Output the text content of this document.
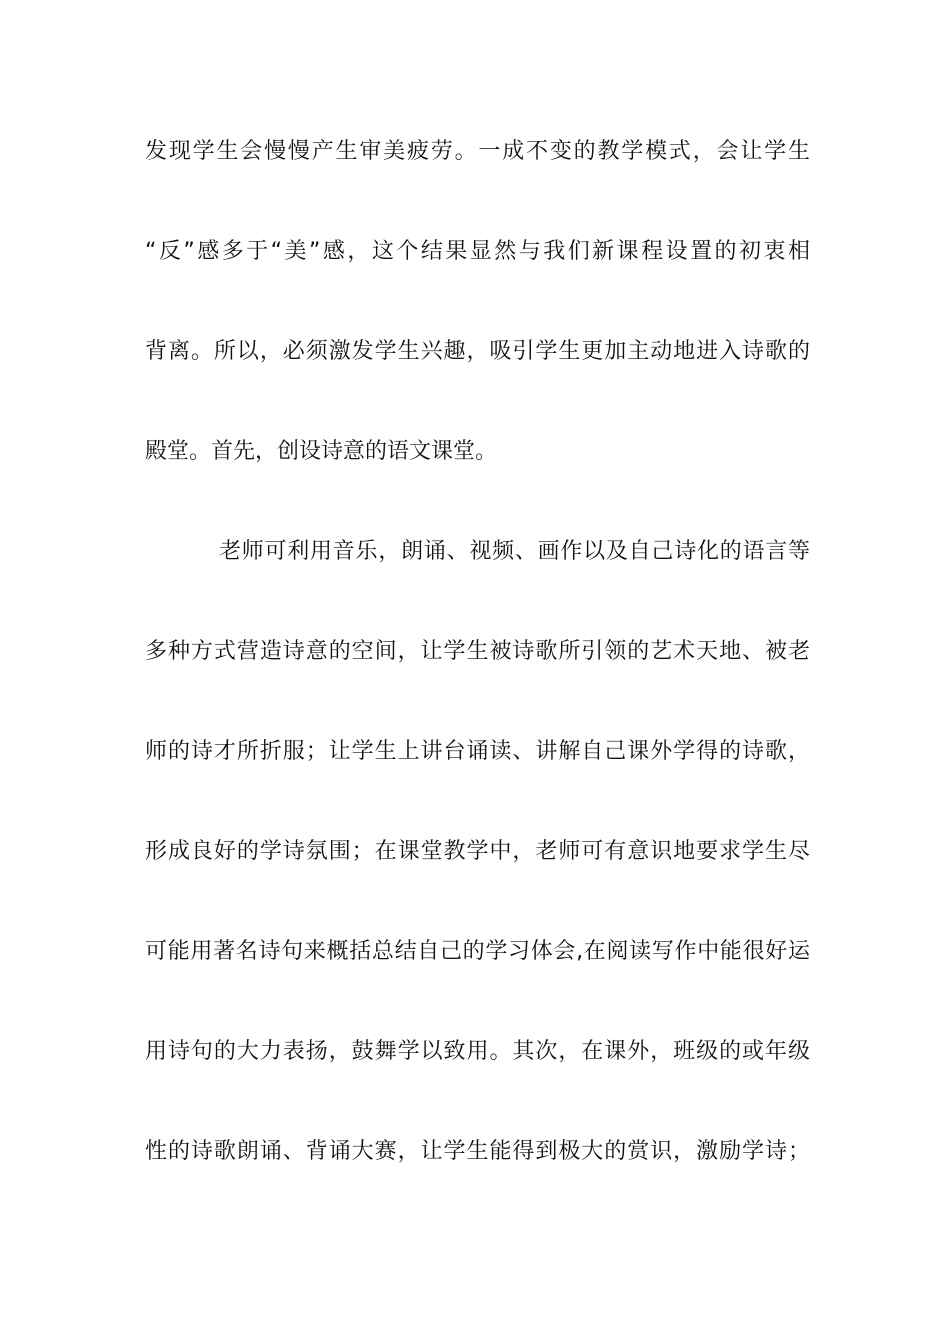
发现学生会慢慢产生审美疲劳。一成不变的教学模式，会让学生
“反”感多于“美”感，这个结果显然与我们新课程设置的初衷相
背离。所以，必须激发学生兴趣，吸引学生更加主动地进入诗歌的
殿堂。首先，创设诗意的语文课堂。
老师可利用音乐，朗诵、视频、画作以及自己诗化的语言等
多种方式营造诗意的空间，让学生被诗歌所引领的艺术天地、被老
师的诗才所折服；让学生上讲台诵读、讲解自己课外学得的诗歌，
形成良好的学诗氛围；在课堂教学中，老师可有意识地要求学生尽
可能用著名诗句来概括总结自己的学习体会,在阅读写作中能很好运
用诗句的大力表扬，鼓舞学以致用。其次，在课外，班级的或年级
性的诗歌朗诵、背诵大赛，让学生能得到极大的赏识，激励学诗；
